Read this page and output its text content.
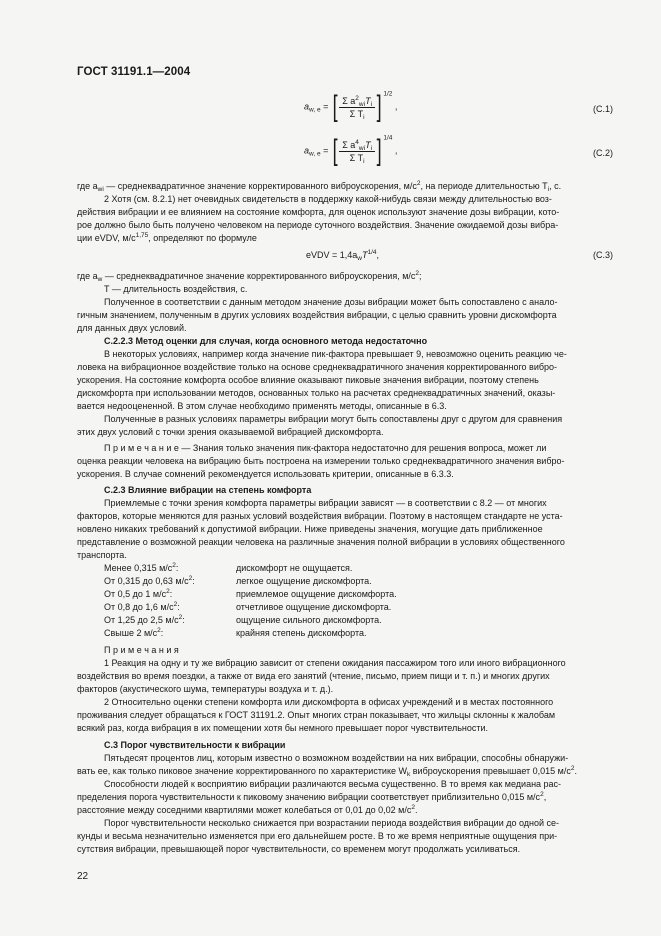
ГОСТ 31191.1—2004
$a_{w, e}$ = [ $\frac{\Sigma a^2_{wi}T_i}{\Sigma T_i}$ ] $^{1/2}$ ,	(C.1)
$a_{w, e}$ = [ $\frac{\Sigma a^4_{wi}T_i}{\Sigma T_i}$ ] $^{1/4}$ ,	(C.2)
где $a_{wi}$ — среднеквадратичное значение корректированного виброускорения, $м/с^2$, на периоде длительностью $T_i$, c.
2 Хотя (см. 8.2.1) нет очевидных свидетельств в поддержку какой-нибудь связи между длительностью воз-
действия вибрации и ее влиянием на состояние комфорта, для оценок используют значение дозы вибрации, кото-
рое должно было быть получено человеком на периоде суточного воздействия. Значение ожидаемой дозы вибра-
ции eVDV, $м/с^{1,75}$, определяют по формуле
eVDV = $1,4a_wT^{1/4}$,	(C.3)
где $a_w$ — среднеквадратичное значение корректированного виброускорения, $м/с^2$;
T — длительность воздействия, с.
Полученное в соответствии с данным методом значение дозы вибрации может быть сопоставлено с анало-
гичным значением, полученным в других условиях воздействия вибрации, с целью сравнить уровни дискомфорта
для данных двух условий.
C.2.2.3 Метод оценки для случая, когда основного метода недостаточно
В некоторых условиях, например когда значение пик-фактора превышает 9, невозможно оценить реакцию че-
ловека на вибрационное воздействие только на основе среднеквадратичного значения корректированного вибро-
ускорения. На состояние комфорта особое влияние оказывают пиковые значения вибрации, поэтому степень
дискомфорта при использовании методов, основанных только на расчетах среднеквадратичных значений, оказы-
вается недооцененной. В этом случае необходимо применять методы, описанные в 6.3.
Полученные в разных условиях параметры вибрации могут быть сопоставлены друг с другом для сравнения
этих двух условий с точки зрения оказываемой вибрацией дискомфорта.
П р и м е ч а н и е — Знания только значения пик-фактора недостаточно для решения вопроса, может ли
оценка реакции человека на вибрацию быть построена на измерении только среднеквадратичного значения вибро-
ускорения. В случае сомнений рекомендуется использовать критерии, описанные в 6.3.3.
C.2.3 Влияние вибрации на степень комфорта
Приемлемые с точки зрения комфорта параметры вибрации зависят — в соответствии с 8.2 — от многих
факторов, которые меняются для разных условий воздействия вибрации. Поэтому в настоящем стандарте не уста-
новлено никаких требований к допустимой вибрации. Ниже приведены значения, могущие дать приближенное
представление о возможной реакции человека на различные значения полной вибрации в условиях общественного
транспорта.
Менее 0,315 $м/с^2$:	дискомфорт не ощущается.
От 0,315 до 0,63 $м/с^2$:	легкое ощущение дискомфорта.
От 0,5 до 1 $м/с^2$:	приемлемое ощущение дискомфорта.
От 0,8 до 1,6 $м/с^2$:	отчетливое ощущение дискомфорта.
От 1,25 до 2,5 $м/с^2$:	ощущение сильного дискомфорта.
Свыше 2 $м/с^2$:	крайняя степень дискомфорта.
П р и м е ч а н и я
1 Реакция на одну и ту же вибрацию зависит от степени ожидания пассажиром того или иного вибрационного
воздействия во время поездки, а также от вида его занятий (чтение, письмо, прием пищи и т. п.) и многих других
факторов (акустического шума, температуры воздуха и т. д.).
2 Относительно оценки степени комфорта или дискомфорта в офисах учреждений и в местах постоянного
проживания следует обращаться к ГОСТ 31191.2. Опыт многих стран показывает, что жильцы склонны к жалобам
всякий раз, когда вибрация в их помещении хотя бы немного превышает порог чувствительности.
C.3 Порог чувствительности к вибрации
Пятьдесят процентов лиц, которым известно о возможном воздействии на них вибрации, способны обнаружи-
вать ее, как только пиковое значение корректированного по характеристике $W_k$ виброускорения превышает 0,015 $м/с^2$.
Способности людей к восприятию вибрации различаются весьма существенно. В то время как медиана рас-
пределения порога чувствительности к пиковому значению вибрации соответствует приблизительно 0,015 $м/с^2$,
расстояние между соседними квартилями может колебаться от 0,01 до 0,02 $м/с^2$.
Порог чувствительности несколько снижается при возрастании периода воздействия вибрации до одной се-
кунды и весьма незначительно изменяется при его дальнейшем росте. В то же время неприятные ощущения при-
сутствия вибрации, превышающей порог чувствительности, со временем могут продолжать усиливаться.
22
